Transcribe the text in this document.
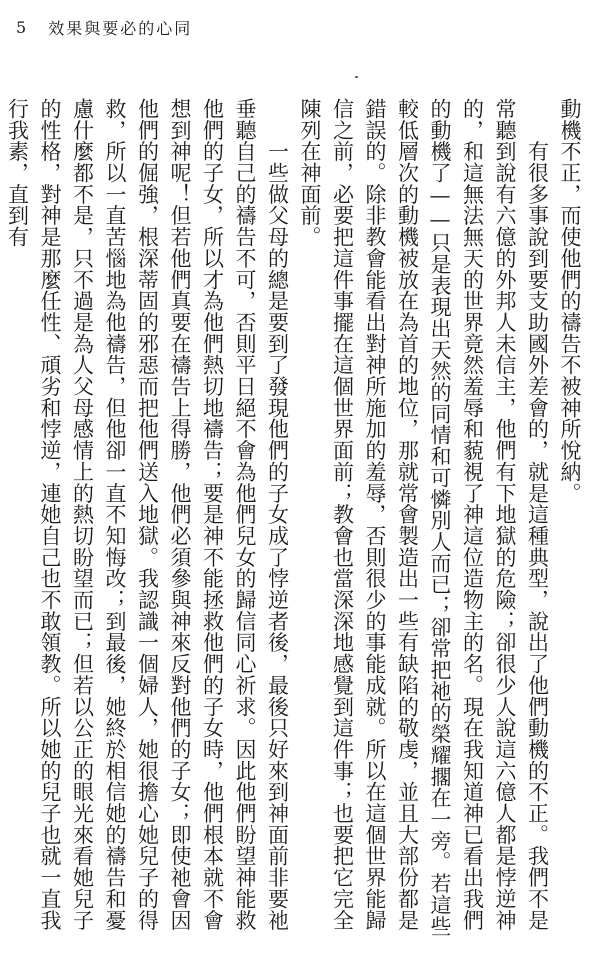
5 效果與要必的心同

動機不正，而使他們的禱告不被神所悅納。

　　有很多事說到要支助國外差會的，就是這種典型，說出了他們動機的不正。我們不是常聽到說有六億的外邦人未信主，他們有下地獄的危險；卻很少人說這六億人都是悖逆神的，和這無法無天的世界竟然羞辱和藐視了神這位造物主的名。現在我知道神已看出我們的動機了——只是表現出天然的同情和可憐別人而已；卻常把祂的榮耀擱在一旁。若這些較低層次的動機被放在為首的地位，那就常會製造出一些有缺陷的敬虔，並且大部份都是錯誤的。除非教會能看出對神所施加的羞辱，否則很少的事能成就。所以在這個世界能歸信之前，必要把這件事擺在這個世界面前；教會也當深深地感覺到這件事；也要把它完全陳列在神面前。

　　一些做父母的總是要到了發現他們的子女成了悖逆者後，最後只好來到神面前非要祂垂聽自己的禱告不可，否則平日絕不會為他們兒女的歸信同心祈求。因此他們盼望神能救他們的子女，所以才為他們熱切地禱告；要是神不能拯救他們的子女時，他們根本就不會想到神呢！但若他們真要在禱告上得勝，他們必須參與神來反對他們的子女；即使祂會因他們的倔強，根深蒂固的邪惡而把他們送入地獄。我認識一個婦人，她很擔心她兒子的得救，所以一直苦惱地為他禱告，但他卻一直不知悔改；到最後，她終於相信她的禱告和憂慮什麼都不是，只不過是為人父母感情上的熱切盼望而已；但若以公正的眼光來看她兒子的性格，對神是那麼任性、頑劣和悖逆，連她自己也不敢領教。所以她的兒子也就一直我行我素，直到有
